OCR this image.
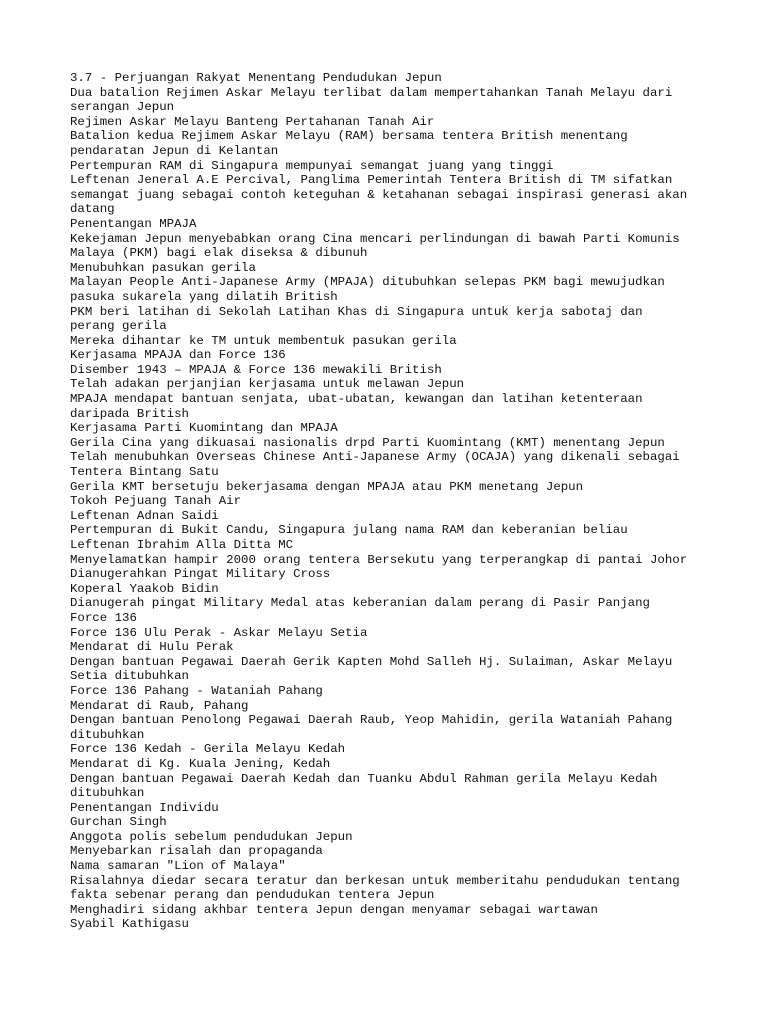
3.7 - Perjuangan Rakyat Menentang Pendudukan Jepun
Dua batalion Rejimen Askar Melayu terlibat dalam mempertahankan Tanah Melayu dari
serangan Jepun
Rejimen Askar Melayu Banteng Pertahanan Tanah Air
Batalion kedua Rejimem Askar Melayu (RAM) bersama tentera British menentang
pendaratan Jepun di Kelantan
Pertempuran RAM di Singapura mempunyai semangat juang yang tinggi
Leftenan Jeneral A.E Percival, Panglima Pemerintah Tentera British di TM sifatkan
semangat juang sebagai contoh keteguhan & ketahanan sebagai inspirasi generasi akan
datang
Penentangan MPAJA
Kekejaman Jepun menyebabkan orang Cina mencari perlindungan di bawah Parti Komunis
Malaya (PKM) bagi elak diseksa & dibunuh
Menubuhkan pasukan gerila
Malayan People Anti-Japanese Army (MPAJA) ditubuhkan selepas PKM bagi mewujudkan
pasuka sukarela yang dilatih British
PKM beri latihan di Sekolah Latihan Khas di Singapura untuk kerja sabotaj dan
perang gerila
Mereka dihantar ke TM untuk membentuk pasukan gerila
Kerjasama MPAJA dan Force 136
Disember 1943 – MPAJA & Force 136 mewakili British
Telah adakan perjanjian kerjasama untuk melawan Jepun
MPAJA mendapat bantuan senjata, ubat-ubatan, kewangan dan latihan ketenteraan
daripada British
Kerjasama Parti Kuomintang dan MPAJA
Gerila Cina yang dikuasai nasionalis drpd Parti Kuomintang (KMT) menentang Jepun
Telah menubuhkan Overseas Chinese Anti-Japanese Army (OCAJA) yang dikenali sebagai
Tentera Bintang Satu
Gerila KMT bersetuju bekerjasama dengan MPAJA atau PKM menetang Jepun
Tokoh Pejuang Tanah Air
Leftenan Adnan Saidi
Pertempuran di Bukit Candu, Singapura julang nama RAM dan keberanian beliau
Leftenan Ibrahim Alla Ditta MC
Menyelamatkan hampir 2000 orang tentera Bersekutu yang terperangkap di pantai Johor
Dianugerahkan Pingat Military Cross
Koperal Yaakob Bidin
Dianugerah pingat Military Medal atas keberanian dalam perang di Pasir Panjang
Force 136
Force 136 Ulu Perak - Askar Melayu Setia
Mendarat di Hulu Perak
Dengan bantuan Pegawai Daerah Gerik Kapten Mohd Salleh Hj. Sulaiman, Askar Melayu
Setia ditubuhkan
Force 136 Pahang - Wataniah Pahang
Mendarat di Raub, Pahang
Dengan bantuan Penolong Pegawai Daerah Raub, Yeop Mahidin, gerila Wataniah Pahang
ditubuhkan
Force 136 Kedah - Gerila Melayu Kedah
Mendarat di Kg. Kuala Jening, Kedah
Dengan bantuan Pegawai Daerah Kedah dan Tuanku Abdul Rahman gerila Melayu Kedah
ditubuhkan
Penentangan Individu
Gurchan Singh
Anggota polis sebelum pendudukan Jepun
Menyebarkan risalah dan propaganda
Nama samaran "Lion of Malaya"
Risalahnya diedar secara teratur dan berkesan untuk memberitahu pendudukan tentang
fakta sebenar perang dan pendudukan tentera Jepun
Menghadiri sidang akhbar tentera Jepun dengan menyamar sebagai wartawan
Syabil Kathigasu
